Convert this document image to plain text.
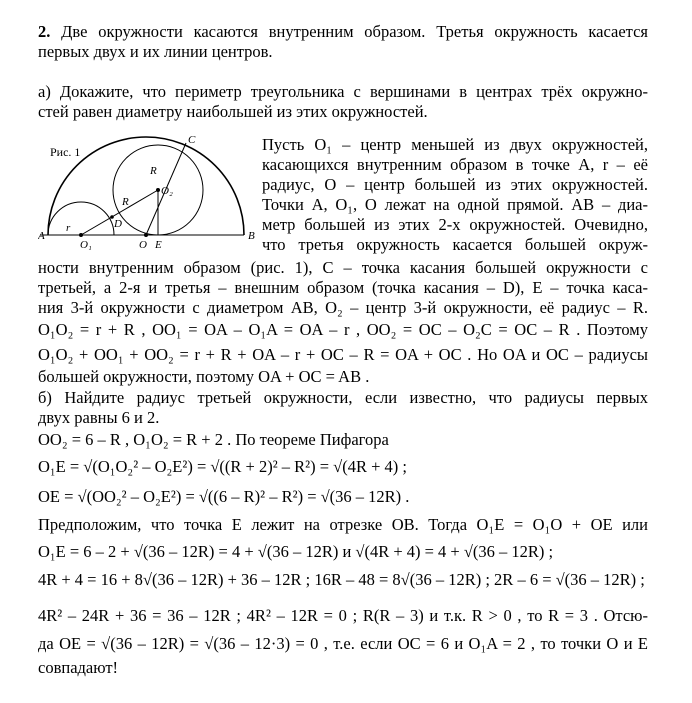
2. Две окружности касаются внутренним образом. Третья окружность касается
первых двух и их линии центров.
а) Докажите, что периметр треугольника с вершинами в центрах трёх окружно-
стей равен диаметру наибольшей из этих окружностей.
A	B
C
D
E
O
O₁
O₂
R
R
r
Рис. 1	Пусть O₁ – центр меньшей из двух окружностей,
касающихся внутренним образом в точке A, r – её
радиус, O – центр большей из этих окружностей.
Точки A, O₁, O лежат на одной прямой. AB – диа-
метр большей из этих 2-х окружностей. Очевидно,
что третья окружность касается большей окруж-
ности внутренним образом (рис. 1), C – точка касания большей окружности с
третьей, а 2-я и третья – внешним образом (точка касания – D), E – точка каса-
ния 3-й окружности с диаметром AB, O₂ – центр 3-й окружности, её радиус – R.
O₁O₂ = r + R , OO₁ = OA – O₁A = OA – r , OO₂ = OC – O₂C = OC – R . Поэтому
O₁O₂ + OO₁ + OO₂ = r + R + OA – r + OC – R = OA + OC . Но OA и OC – радиусы
большей окружности, поэтому OA + OC = AB .
б) Найдите радиус третьей окружности, если известно, что радиусы первых
двух равны 6 и 2.
OO₂ = 6 – R , O₁O₂ = R + 2 . По теореме Пифагора
O₁E = √(O₁O₂² – O₂E²) = √((R + 2)² – R²) = √(4R + 4) ;
OE = √(OO₂² – O₂E²) = √((6 – R)² – R²) = √(36 – 12R) .
Предположим, что точка E лежит на отрезке OB. Тогда O₁E = O₁O + OE или
O₁E = 6 – 2 + √(36 – 12R) = 4 + √(36 – 12R) и √(4R + 4) = 4 + √(36 – 12R) ;
4R + 4 = 16 + 8√(36 – 12R) + 36 – 12R ; 16R – 48 = 8√(36 – 12R) ; 2R – 6 = √(36 – 12R) ;
4R² – 24R + 36 = 36 – 12R ; 4R² – 12R = 0 ; R(R – 3) и т.к. R > 0 , то R = 3 . Отсю-
да OE = √(36 – 12R) = √(36 – 12·3) = 0 , т.е. если OC = 6 и O₁A = 2 , то точки O и E
совпадают!
